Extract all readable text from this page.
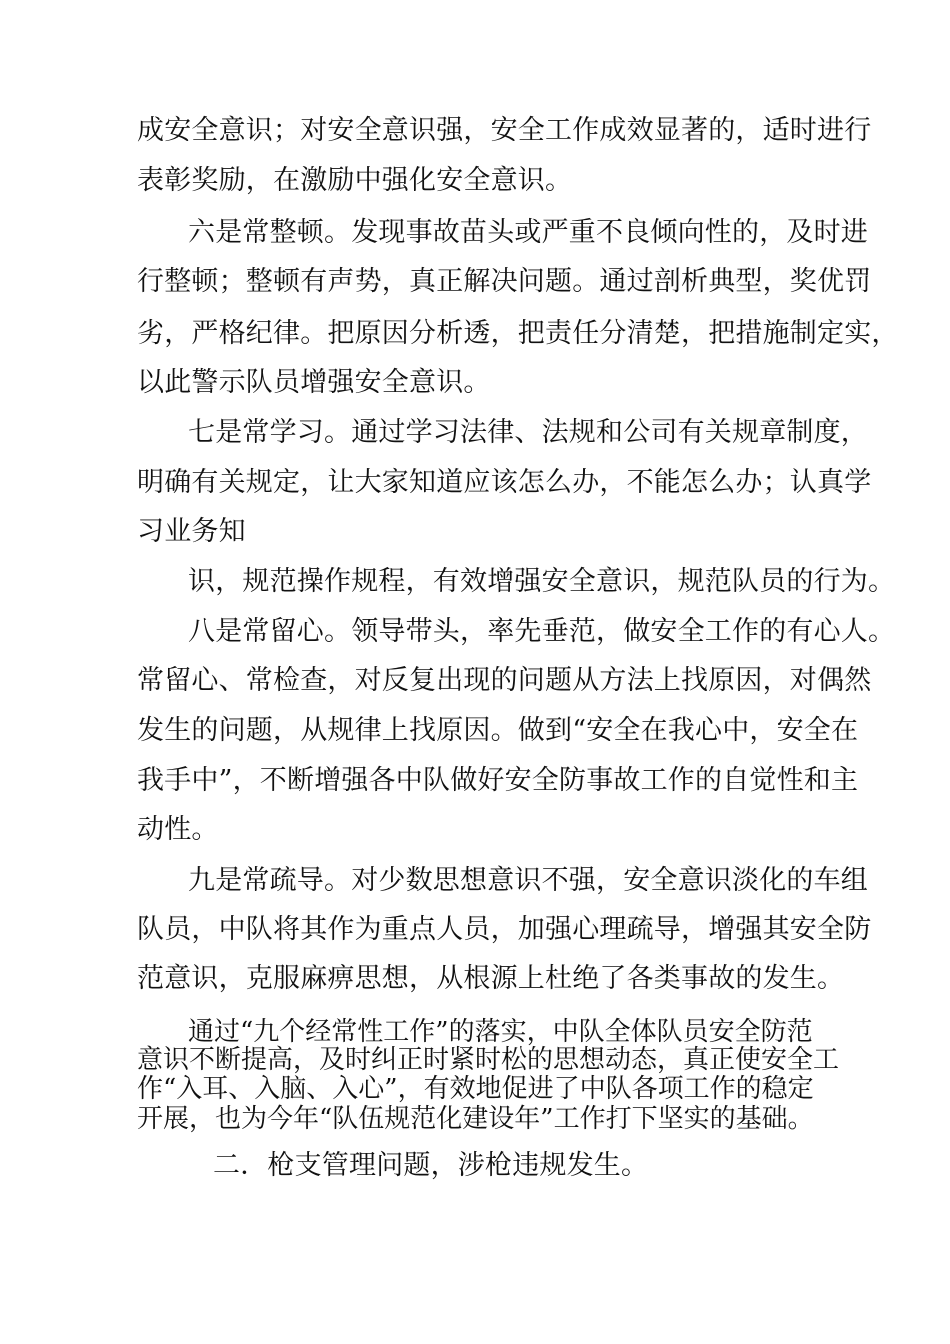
成安全意识；对安全意识强，安全工作成效显著的，适时进行
表彰奖励，在激励中强化安全意识。
六是常整顿。发现事故苗头或严重不良倾向性的，及时进
行整顿；整顿有声势，真正解决问题。通过剖析典型，奖优罚
劣，严格纪律。把原因分析透，把责任分清楚，把措施制定实，
以此警示队员增强安全意识。
七是常学习。通过学习法律、法规和公司有关规章制度，
明确有关规定，让大家知道应该怎么办，不能怎么办；认真学
习业务知
识，规范操作规程，有效增强安全意识，规范队员的行为。
八是常留心。领导带头，率先垂范，做安全工作的有心人。
常留心、常检查，对反复出现的问题从方法上找原因，对偶然
发生的问题，从规律上找原因。做到“安全在我心中，安全在
我手中”，不断增强各中队做好安全防事故工作的自觉性和主
动性。
九是常疏导。对少数思想意识不强，安全意识淡化的车组
队员，中队将其作为重点人员，加强心理疏导，增强其安全防
范意识，克服麻痹思想，从根源上杜绝了各类事故的发生。
通过“九个经常性工作”的落实，中队全体队员安全防范
意识不断提高，及时纠正时紧时松的思想动态，真正使安全工
作“入耳、入脑、入心”，有效地促进了中队各项工作的稳定
开展，也为今年“队伍规范化建设年”工作打下坚实的基础。
二．枪支管理问题，涉枪违规发生。
